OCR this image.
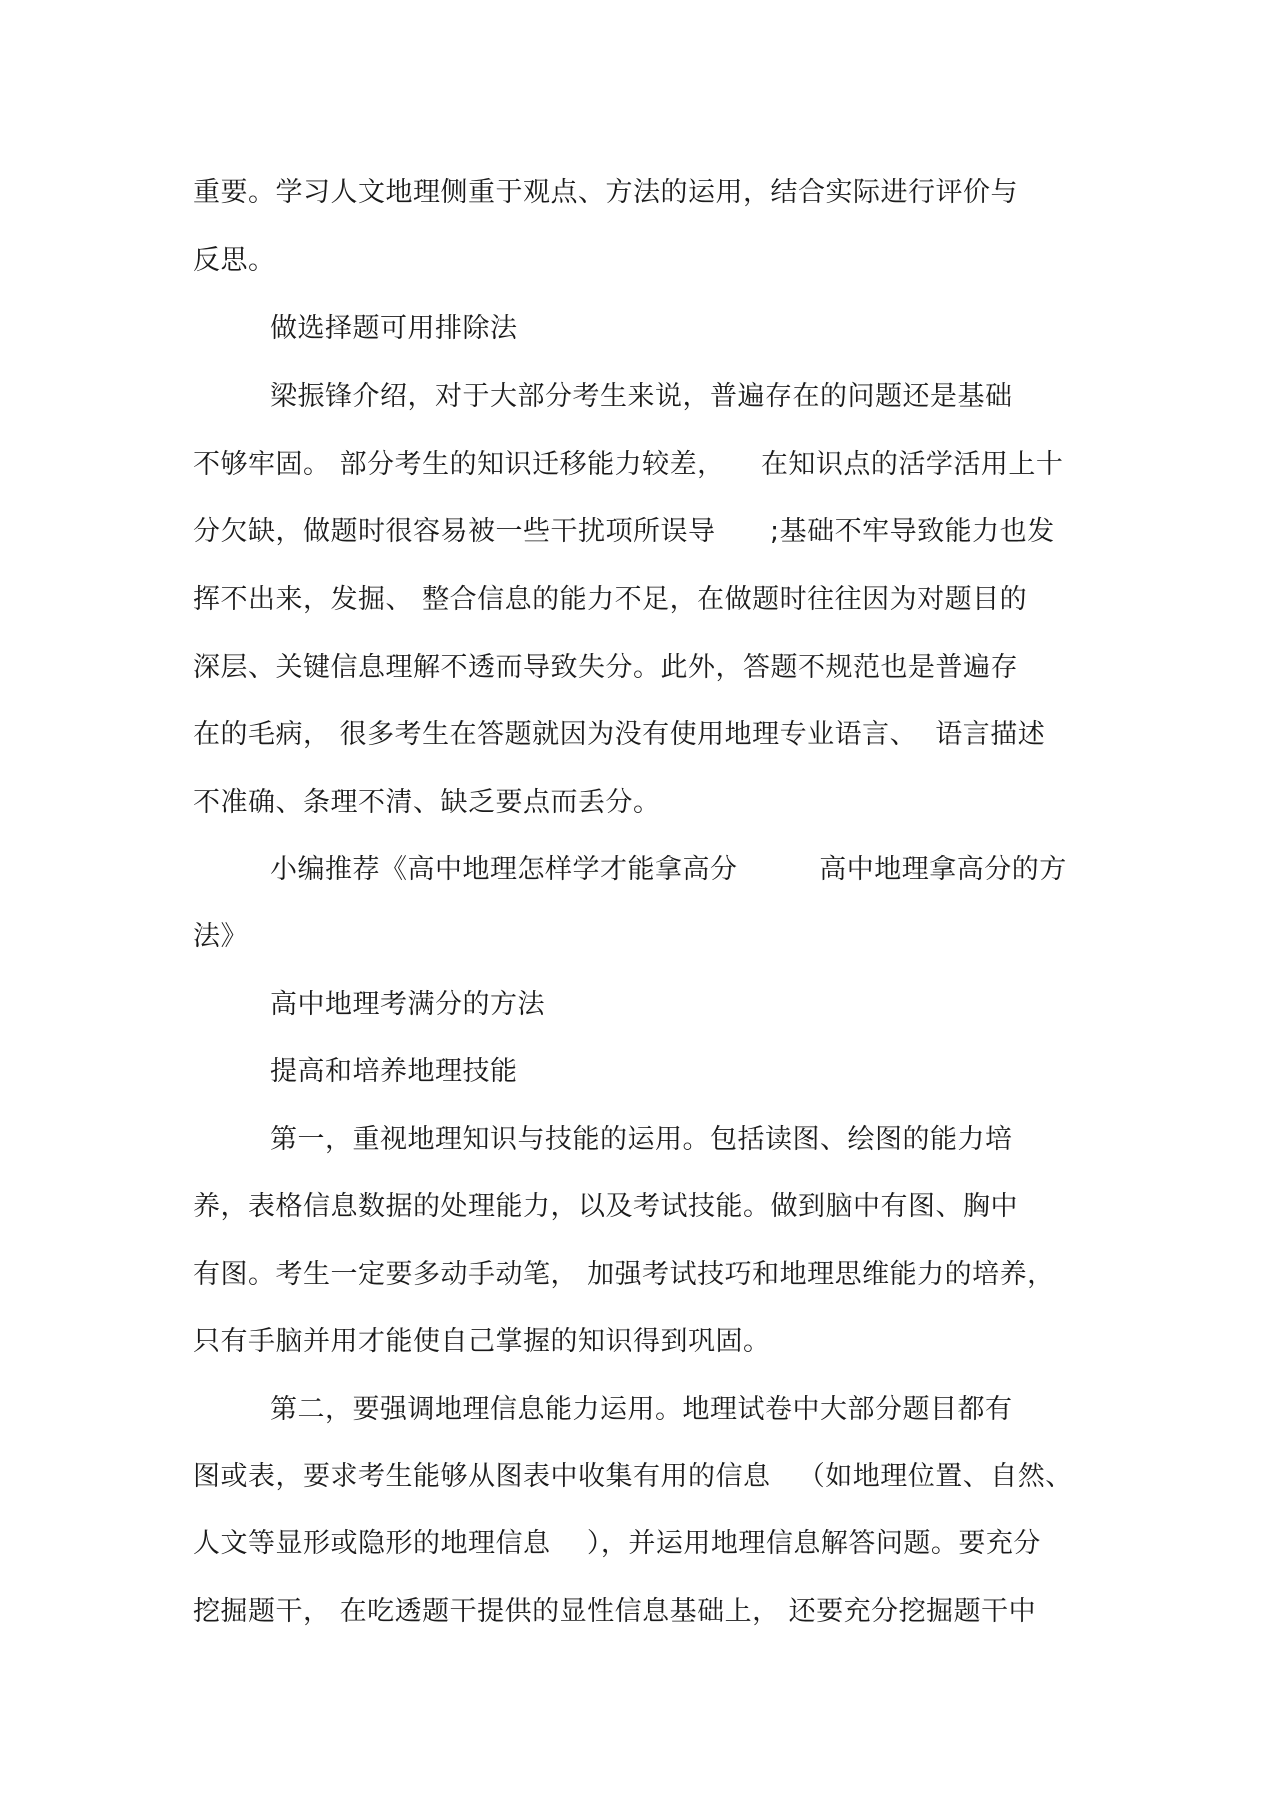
重要。学习人文地理侧重于观点、方法的运用，结合实际进行评价与

反思。

做选择题可用排除法

梁振锋介绍，对于大部分考生来说，普遍存在的问题还是基础

不够牢固。 部分考生的知识迁移能力较差，    在知识点的活学活用上十

分欠缺，做题时很容易被一些干扰项所误导      ;基础不牢导致能力也发

挥不出来，发掘、 整合信息的能力不足，在做题时往往因为对题目的

深层、关键信息理解不透而导致失分。此外，答题不规范也是普遍存

在的毛病， 很多考生在答题就因为没有使用地理专业语言、  语言描述

不准确、条理不清、缺乏要点而丢分。

小编推荐《高中地理怎样学才能拿高分         高中地理拿高分的方

法》

高中地理考满分的方法

提高和培养地理技能

第一，重视地理知识与技能的运用。包括读图、绘图的能力培

养，表格信息数据的处理能力，以及考试技能。做到脑中有图、胸中

有图。考生一定要多动手动笔， 加强考试技巧和地理思维能力的培养，

只有手脑并用才能使自己掌握的知识得到巩固。

第二，要强调地理信息能力运用。地理试卷中大部分题目都有

图或表，要求考生能够从图表中收集有用的信息   （如地理位置、自然、

人文等显形或隐形的地理信息    ），并运用地理信息解答问题。要充分

挖掘题干， 在吃透题干提供的显性信息基础上， 还要充分挖掘题干中
